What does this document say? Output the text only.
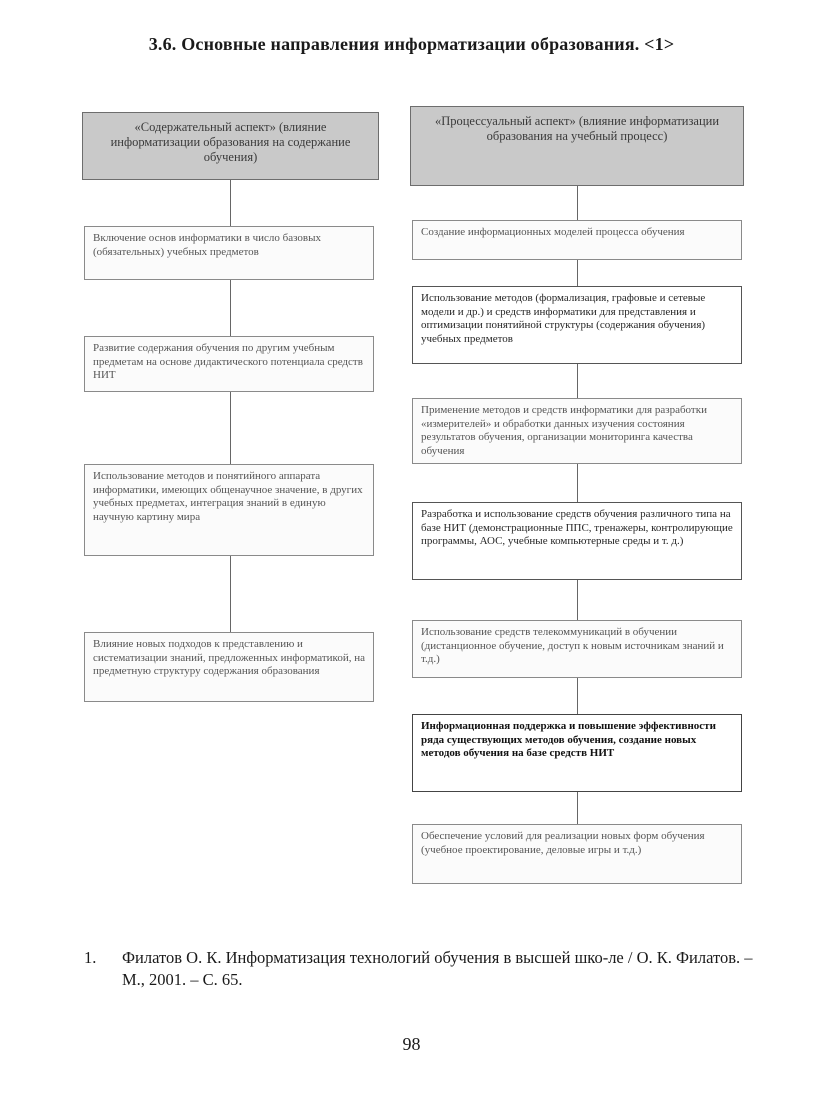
3.6. Основные направления информатизации образования. <1>
«Содержательный аспект» (влияние информатизации образования на содержание обучения)
Включение основ информатики в число базовых (обязательных) учебных предметов
Развитие содержания обучения по другим учебным предметам на основе дидактического потенциала средств НИТ
Использование методов и понятийного аппарата информатики, имеющих общенаучное значение, в других учебных предметах, интеграция знаний в единую научную картину мира
Влияние новых подходов к представлению и систематизации знаний, предложенных информатикой, на предметную структуру содержания образования
«Процессуальный аспект» (влияние информатизации образования на учебный процесс)
Создание информационных моделей процесса обучения
Использование методов (формализация, графовые и сетевые модели и др.) и средств информатики для представления и оптимизации понятийной структуры (содержания обучения) учебных предметов
Применение методов и средств информатики для разработки «измерителей» и обработки данных изучения состояния результатов обучения, организации мониторинга качества обучения
Разработка и использование средств обучения различного типа на базе НИТ (демонстрационные ППС, тренажеры, контролирующие программы, АОС, учебные компьютерные среды и т. д.)
Использование средств телекоммуникаций в обучении (дистанционное обучение, доступ к новым источникам знаний и т.д.)
Информационная поддержка и повышение эффективности ряда существующих методов обучения, создание новых методов обучения на базе средств НИТ
Обеспечение условий для реализации новых форм обучения (учебное проектирование, деловые игры и т.д.)
1. Филатов О. К. Информатизация технологий обучения в высшей шко-ле / О. К. Филатов. – М., 2001. – С. 65.
98
